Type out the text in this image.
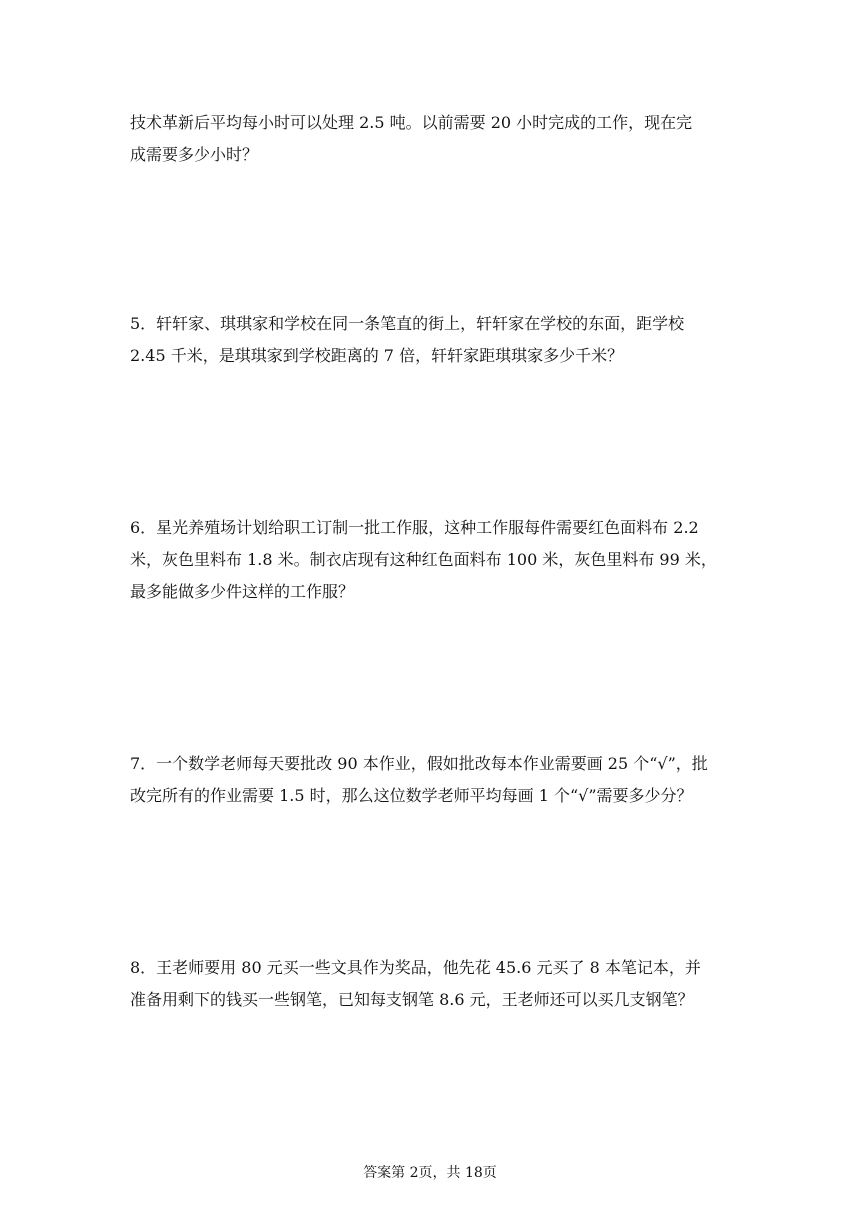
技术革新后平均每小时可以处理 2.5 吨。以前需要 20 小时完成的工作，现在完
成需要多少小时？
5．轩轩家、琪琪家和学校在同一条笔直的街上，轩轩家在学校的东面，距学校
2.45 千米，是琪琪家到学校距离的 7 倍，轩轩家距琪琪家多少千米？
6．星光养殖场计划给职工订制一批工作服，这种工作服每件需要红色面料布 2.2
米，灰色里料布 1.8 米。制衣店现有这种红色面料布 100 米，灰色里料布 99 米，
最多能做多少件这样的工作服？
7．一个数学老师每天要批改 90 本作业，假如批改每本作业需要画 25 个“√”，批
改完所有的作业需要 1.5 时，那么这位数学老师平均每画 1 个“√”需要多少分？
8．王老师要用 80 元买一些文具作为奖品，他先花 45.6 元买了 8 本笔记本，并
准备用剩下的钱买一些钢笔，已知每支钢笔 8.6 元，王老师还可以买几支钢笔？
答案第 2页，共 18页
